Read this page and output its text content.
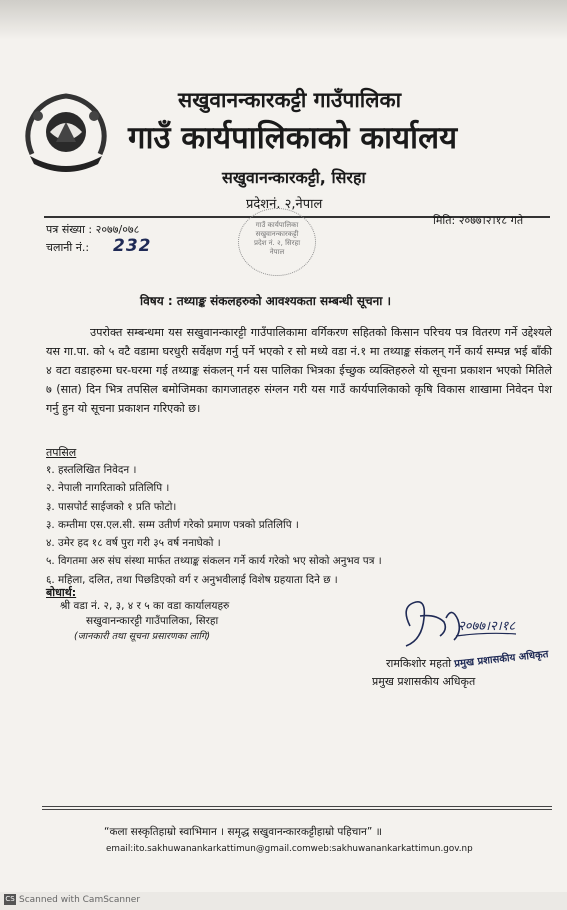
सखुवानन्कारकट्टी गाउँपालिका
गाउँ कार्यपालिकाको कार्यालय
सखुवानन्कारकट्टी, सिरहा
प्रदेशनं. २,नेपाल
पत्र संख्या : २०७७/०७८
मिति: २०७७।२।१८ गते
चलानी नं.: 232
गाउँ कार्यपालिका
सखुवानन्कारकट्टी
प्रदेश नं. २, सिरहा
नेपाल
विषय : तथ्याङ्क संकलहरुको आवश्यकता सम्बन्धी सूचना ।
उपरोक्त सम्बन्धमा यस सखुवानन्कारट्टी गाउँपालिकामा वर्गिकरण सहितको किसान परिचय पत्र वितरण गर्ने उद्देश्यले यस गा.पा. को ५ वटै वडामा घरधुरी सर्वेक्षण गर्नु पर्ने भएको र सो मध्ये वडा नं.१ मा तथ्याङ्क संकलन् गर्ने कार्य सम्पन्न भई बाँकी ४ वटा वडाहरुमा घर-घरमा गई तथ्याङ्क संकलन् गर्न यस पालिका भित्रका ईच्छुक व्यक्तिहरुले यो सूचना प्रकाशन भएको मितिले ७ (सात) दिन भित्र तपसिल बमोजिमका कागजातहरु संग्लन गरी यस गाउँ कार्यपालिकाको कृषि विकास शाखामा निवेदन पेश गर्नु हुन यो सूचना प्रकाशन गरिएको छ।
तपसिल
१. हस्तलिखित निवेदन ।
२. नेपाली नागरिताको प्रतिलिपि ।
३. पासपोर्ट साईजको १ प्रति फोटो।
३. कम्तीमा एस.एल.सी. सम्म उतीर्ण गरेको प्रमाण पत्रको प्रतिलिपि ।
४. उमेर हद १८ वर्ष पुरा गरी ३५ वर्ष ननाघेको ।
५. विगतमा अरु संघ संस्था मार्फत तथ्याङ्क संकलन गर्ने कार्य गरेको भए सोको अनुभव पत्र ।
६. महिला, दलित, तथा पिछडिएको वर्ग र अनुभवीलाई विशेष ग्रहयाता दिने छ ।
बोधार्थ:
श्री वडा नं. २, ३, ४ र ५ का वडा कार्यालयहरु
सखुवानन्कारट्टी गाउँपालिका, सिरहा
(जानकारी तथा सूचना प्रसारणका लागि)
२०७७।२।१८
रामकिशोर महतो प्रमुख प्रशासकीय अधिकृत
प्रमुख प्रशासकीय अधिकृत
“कला सस्कृतिहाम्रो स्वाभिमान । समृद्ध सखुवानन्कारकट्टीहाम्रो पहिचान” ॥
email:ito.sakhuwanankarkattimun@gmail.comweb:sakhuwanankarkattimun.gov.np
CS Scanned with CamScanner
